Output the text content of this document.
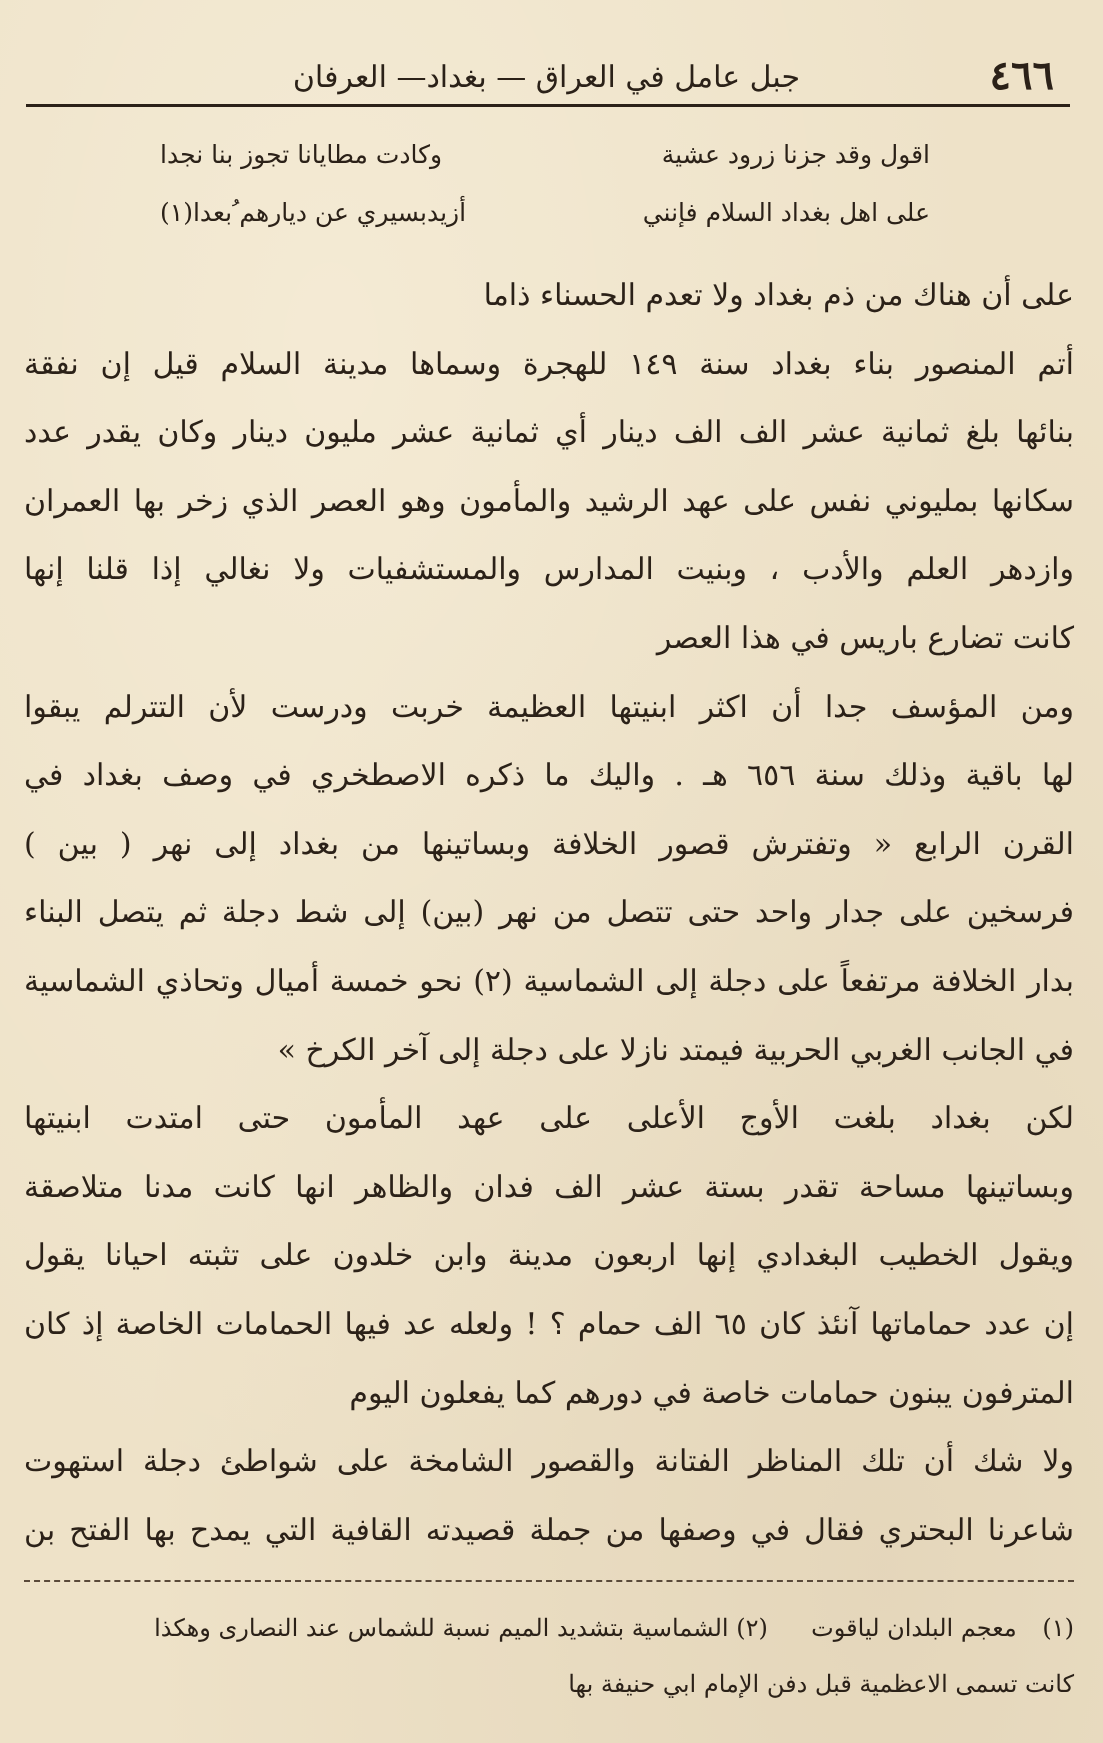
٤٦٦
جبل عامل في العراق — بغداد— العرفان
اقول وقد جزنا زرود عشية
وكادت مطايانا تجوز بنا نجدا
على اهل بغداد السلام فإنني
أزيدبسيري عن ديارهم ُبعدا(١)
على أن هناك من ذم بغداد ولا تعدم الحسناء ذاما
أتم المنصور بناء بغداد سنة ١٤٩ للهجرة وسماها مدينة السلام قيل إن نفقة
بنائها بلغ ثمانية عشر الف الف دينار أي ثمانية عشر مليون دينار وكان يقدر عدد
سكانها بمليوني نفس على عهد الرشيد والمأمون وهو العصر الذي زخر بها العمران
وازدهر العلم والأدب ، وبنيت المدارس والمستشفيات ولا نغالي إذا قلنا إنها
كانت تضارع باريس في هذا العصر
ومن المؤسف جدا أن اكثر ابنيتها العظيمة خربت ودرست لأن التترلم يبقوا
لها باقية وذلك سنة ٦٥٦ هـ . واليك ما ذكره الاصطخري في وصف بغداد في
القرن الرابع « وتفترش قصور الخلافة وبساتينها من بغداد إلى نهر ( بين )
فرسخين على جدار واحد حتى تتصل من نهر (بين) إلى شط دجلة ثم يتصل البناء
بدار الخلافة مرتفعاً على دجلة إلى الشماسية (٢) نحو خمسة أميال وتحاذي الشماسية
في الجانب الغربي الحربية فيمتد نازلا على دجلة إلى آخر الكرخ »
لكن بغداد بلغت الأوج الأعلى على عهد المأمون حتى امتدت ابنيتها
وبساتينها مساحة تقدر بستة عشر الف فدان والظاهر انها كانت مدنا متلاصقة
ويقول الخطيب البغدادي إنها اربعون مدينة وابن خلدون على تثبته احيانا يقول
إن عدد حماماتها آنئذ كان ٦٥ الف حمام ؟ ! ولعله عد فيها الحمامات الخاصة إذ كان
المترفون يبنون حمامات خاصة في دورهم كما يفعلون اليوم
ولا شك أن تلك المناظر الفتانة والقصور الشامخة على شواطئ دجلة استهوت
شاعرنا البحتري فقال في وصفها من جملة قصيدته القافية التي يمدح بها الفتح بن
(١) معجم البلدان لياقوت  (٢) الشماسية بتشديد الميم نسبة للشماس عند النصارى وهكذا
كانت تسمى الاعظمية قبل دفن الإمام ابي حنيفة بها
